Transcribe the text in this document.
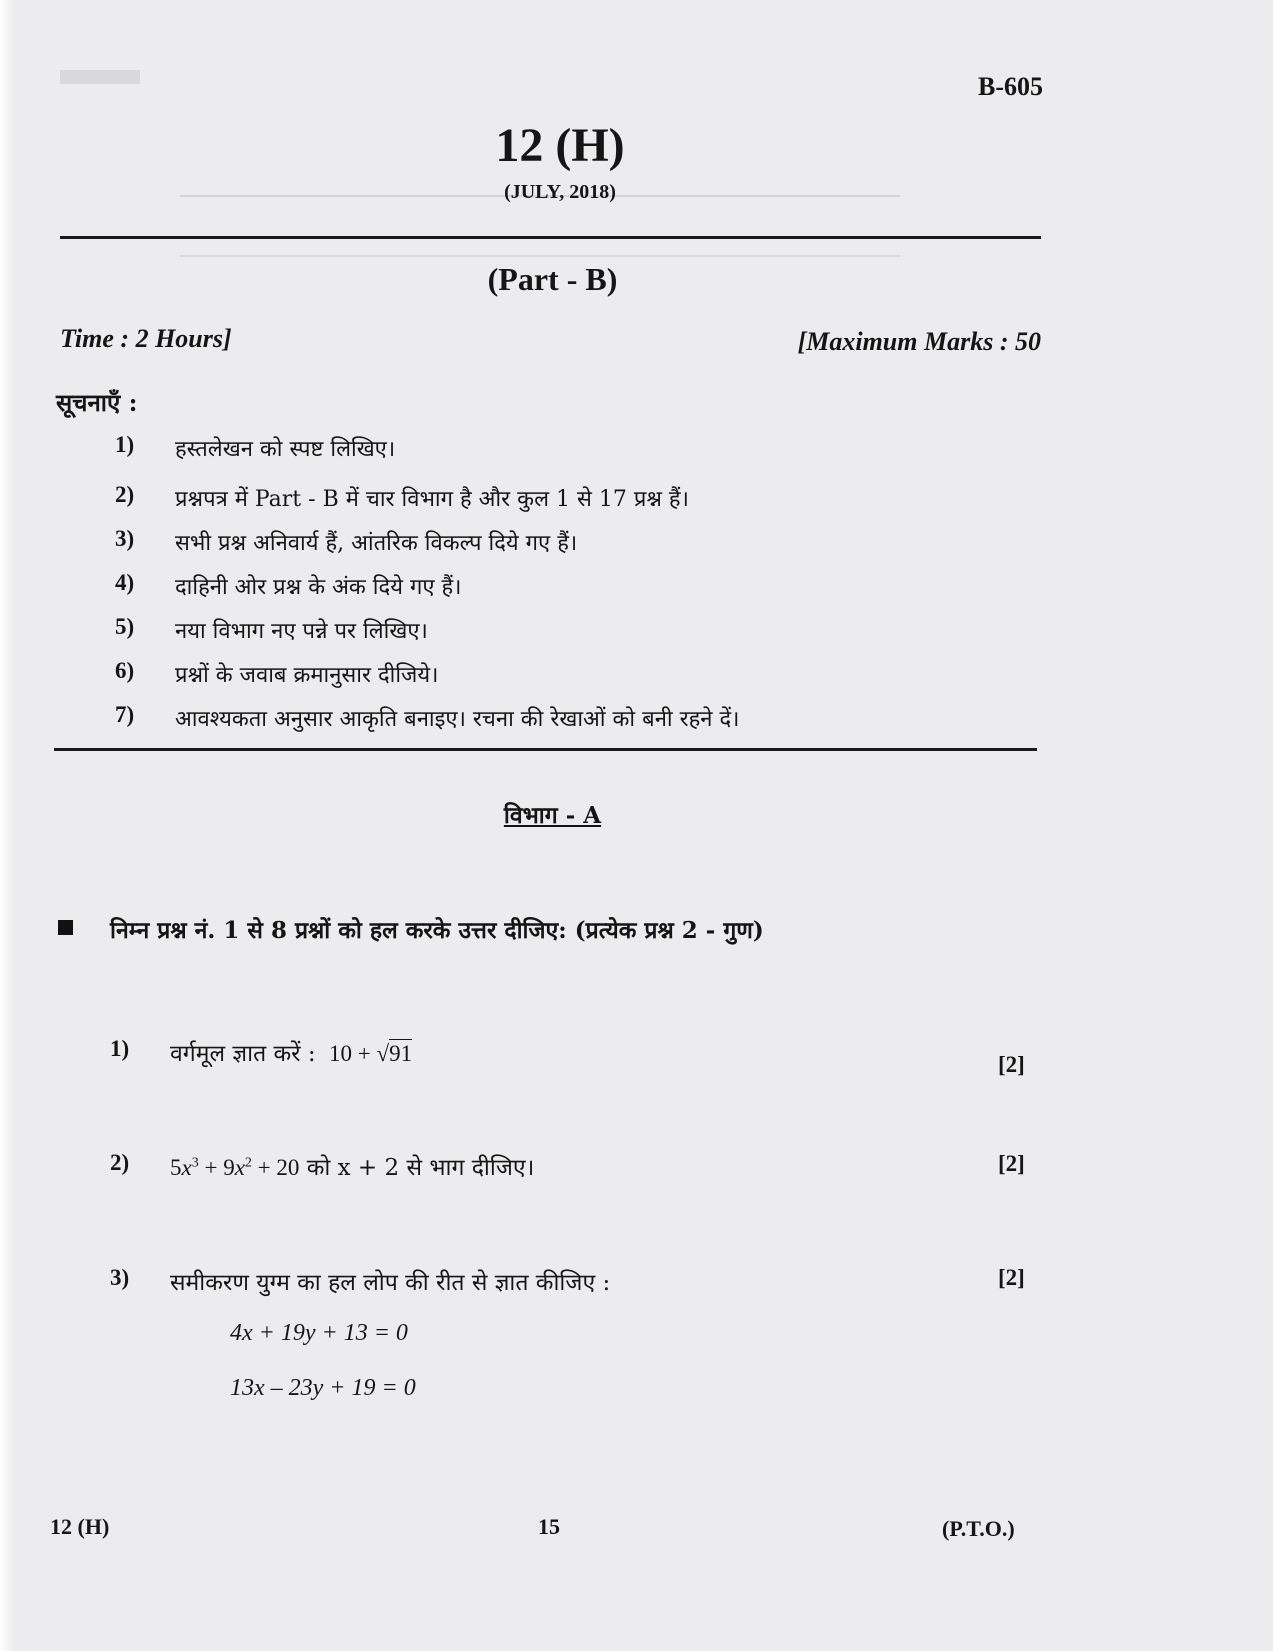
B-605
12 (H)
(JULY, 2018)
(Part - B)
Time : 2 Hours]	[Maximum Marks : 50
सूचनाएँ :
1) हस्तलेखन को स्पष्ट लिखिए।
2) प्रश्नपत्र में Part - B में चार विभाग है और कुल 1 से 17 प्रश्न हैं।
3) सभी प्रश्न अनिवार्य हैं, आंतरिक विकल्प दिये गए हैं।
4) दाहिनी ओर प्रश्न के अंक दिये गए हैं।
5) नया विभाग नए पन्ने पर लिखिए।
6) प्रश्नों के जवाब क्रमानुसार दीजिये।
7) आवश्यकता अनुसार आकृति बनाइए। रचना की रेखाओं को बनी रहने दें।
विभाग - A
निम्न प्रश्न नं. 1 से 8 प्रश्नों को हल करके उत्तर दीजिए: (प्रत्येक प्रश्न 2 - गुण)
1) वर्गमूल ज्ञात करें : 10 + √91	[2]
2) $5x^3 + 9x^2 + 20$ को x + 2 से भाग दीजिए।	[2]
3) समीकरण युग्म का हल लोप की रीत से ज्ञात कीजिए :	[2]
4x + 19y + 13 = 0
13x – 23y + 19 = 0
12 (H)	15	(P.T.O.)
